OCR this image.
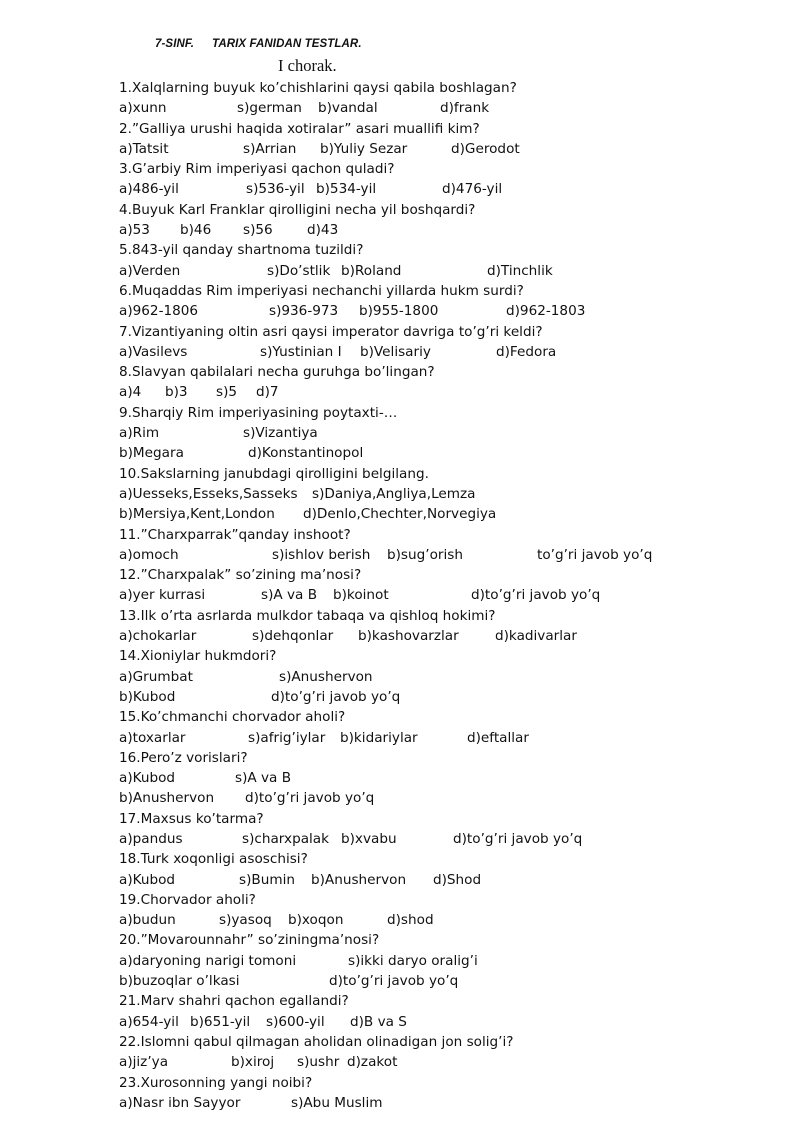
7-SINF. TARIX FANIDAN TESTLAR.
I chorak.
1.Xalqlarning buyuk ko’chishlarini qaysi qabila boshlagan?
a)xunn	s)german b)vandal	d)frank
2.”Galliya urushi haqida xotiralar” asari muallifi kim?
a)Tatsit	s)Arrian b)Yuliy Sezar	d)Gerodot
3.G’arbiy Rim imperiyasi qachon quladi?
a)486-yil	s)536-yil b)534-yil	d)476-yil
4.Buyuk Karl Franklar qirolligini necha yil boshqardi?
a)53 b)46 s)56	d)43
5.843-yil qanday shartnoma tuzildi?
a)Verden	s)Do’stlik b)Roland	d)Tinchlik
6.Muqaddas Rim imperiyasi nechanchi yillarda hukm surdi?
a)962-1806	s)936-973 b)955-1800	d)962-1803
7.Vizantiyaning oltin asri qaysi imperator davriga to’g’ri keldi?
a)Vasilevs	s)Yustinian I b)Velisariy	d)Fedora
8.Slavyan qabilalari necha guruhga bo’lingan?
a)4 b)3 s)5 d)7
9.Sharqiy Rim imperiyasining poytaxti-…
a)Rim	s)Vizantiya
b)Megara	d)Konstantinopol
10.Sakslarning janubdagi qirolligini belgilang.
a)Uesseks,Esseks,Sasseks s)Daniya,Angliya,Lemza
b)Mersiya,Kent,London d)Denlo,Chechter,Norvegiya
11.”Charxparrak”qanday inshoot?
a)omoch	s)ishlov berish b)sug’orish	to’g’ri javob yo’q
12.”Charxpalak” so’zining ma’nosi?
a)yer kurrasi	s)A va B b)koinot	d)to’g’ri javob yo’q
13.Ilk o’rta asrlarda mulkdor tabaqa va qishloq hokimi?
a)chokarlar	s)dehqonlar b)kashovarzlar	d)kadivarlar
14.Xioniylar hukmdori?
a)Grumbat	s)Anushervon
b)Kubod	d)to’g’ri javob yo’q
15.Ko’chmanchi chorvador aholi?
a)toxarlar	s)afrig’iylar b)kidariylar	d)eftallar
16.Pero’z vorislari?
a)Kubod	s)A va B
b)Anushervon d)to’g’ri javob yo’q
17.Maxsus ko’tarma?
a)pandus	s)charxpalak b)xvabu	d)to’g’ri javob yo’q
18.Turk xoqonligi asoschisi?
a)Kubod	s)Bumin b)Anushervon d)Shod
19.Chorvador aholi?
a)budun	s)yasoq b)xoqon	d)shod
20.”Movarounnahr” so’ziningma’nosi?
a)daryoning narigi tomoni	s)ikki daryo oralig’i
b)buzoqlar o’lkasi	d)to’g’ri javob yo’q
21.Marv shahri qachon egallandi?
a)654-yil b)651-yil s)600-yil d)B va S
22.Islomni qabul qilmagan aholidan olinadigan jon solig’i?
a)jiz’ya	b)xiroj s)ushr d)zakot
23.Xurosonning yangi noibi?
a)Nasr ibn Sayyor	s)Abu Muslim
